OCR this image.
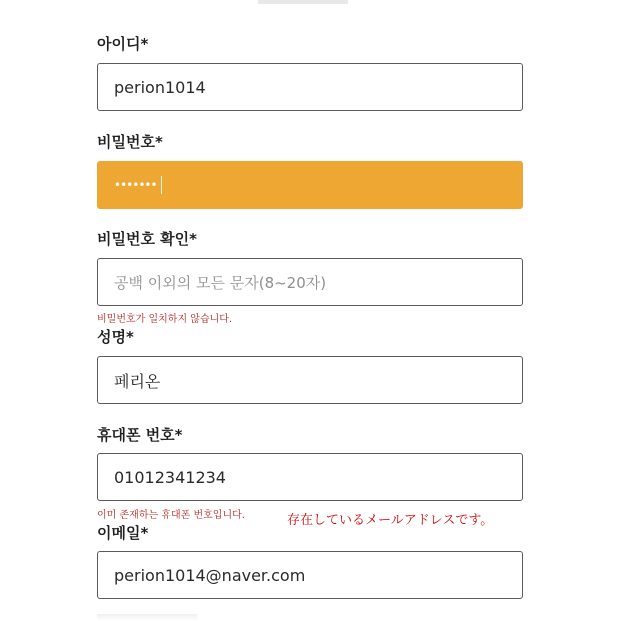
아이디*
perion1014
비밀번호*
•••••••
비밀번호 확인*
공백 이외의 모든 문자(8~20자)
비밀번호가 일치하지 않습니다.
성명*
페리온
휴대폰 번호*
01012341234
이미 존재하는 휴대폰 번호입니다.	存在しているメールアドレスです。
이메일*
perion1014@naver.com
